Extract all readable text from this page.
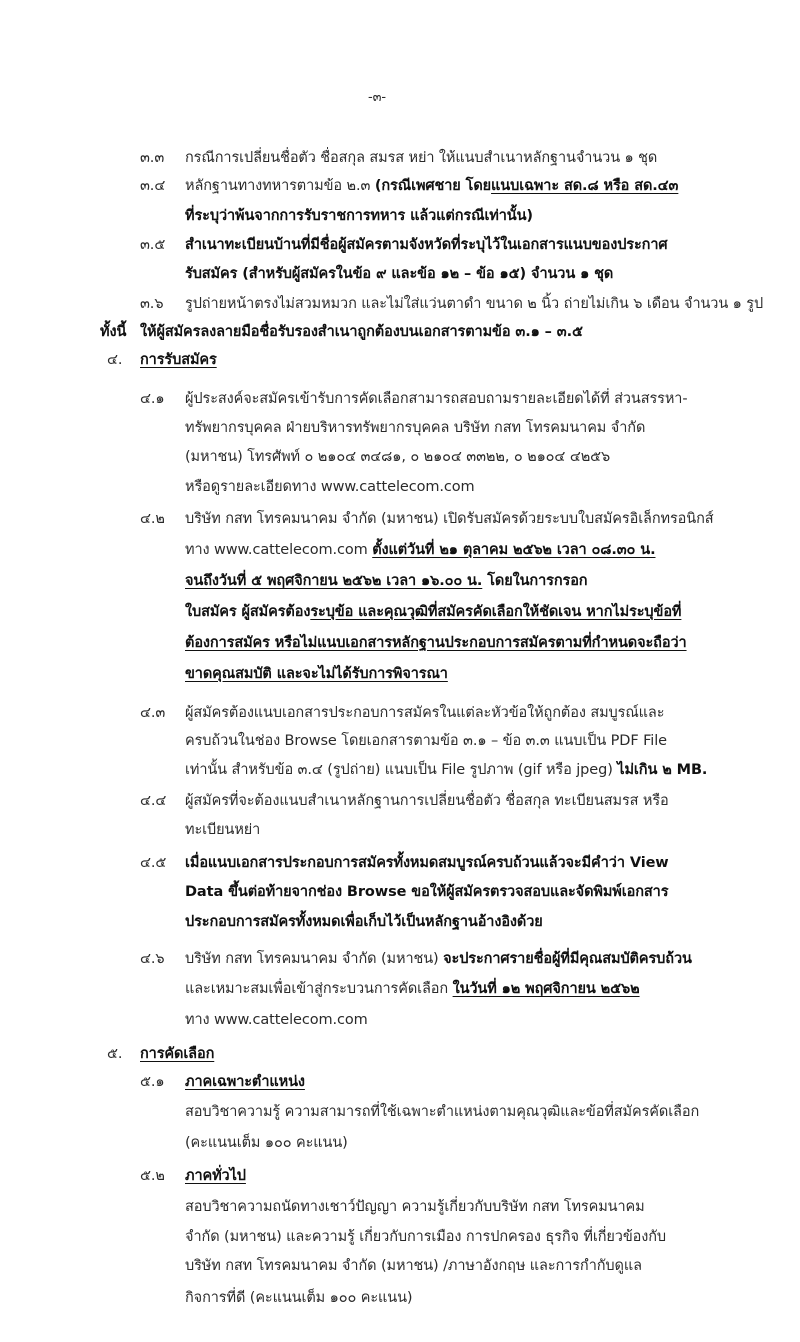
-๓-
๓.๓ กรณีการเปลี่ยนชื่อตัว ชื่อสกุล สมรส หย่า ให้แนบสำเนาหลักฐานจำนวน ๑ ชุด
๓.๔ หลักฐานทางทหารตามข้อ ๒.๓ (กรณีเพศชาย โดยแนบเฉพาะ สด.๘ หรือ สด.๔๓
ที่ระบุว่าพ้นจากการรับราชการทหาร แล้วแต่กรณีเท่านั้น)
๓.๕ สำเนาทะเบียนบ้านที่มีชื่อผู้สมัครตามจังหวัดที่ระบุไว้ในเอกสารแนบของประกาศ
รับสมัคร (สำหรับผู้สมัครในข้อ ๙ และข้อ ๑๒ – ข้อ ๑๕) จำนวน ๑ ชุด
๓.๖ รูปถ่ายหน้าตรงไม่สวมหมวก และไม่ใส่แว่นตาดำ ขนาด ๒ นิ้ว ถ่ายไม่เกิน ๖ เดือน จำนวน ๑ รูป
ทั้งนี้ ให้ผู้สมัครลงลายมือชื่อรับรองสำเนาถูกต้องบนเอกสารตามข้อ ๓.๑ – ๓.๕
๔. การรับสมัคร
๔.๑ ผู้ประสงค์จะสมัครเข้ารับการคัดเลือกสามารถสอบถามรายละเอียดได้ที่ ส่วนสรรหา-
ทรัพยากรบุคคล ฝ่ายบริหารทรัพยากรบุคคล บริษัท กสท โทรคมนาคม จำกัด
(มหาชน) โทรศัพท์ ๐ ๒๑๐๔ ๓๔๘๑, ๐ ๒๑๐๔ ๓๓๒๒, ๐ ๒๑๐๔ ๔๒๕๖
หรือดูรายละเอียดทาง www.cattelecom.com
๔.๒ บริษัท กสท โทรคมนาคม จำกัด (มหาชน) เปิดรับสมัครด้วยระบบใบสมัครอิเล็กทรอนิกส์
ทาง www.cattelecom.com ตั้งแต่วันที่ ๒๑ ตุลาคม ๒๕๖๒ เวลา ๐๘.๓๐ น.
จนถึงวันที่ ๕ พฤศจิกายน ๒๕๖๒ เวลา ๑๖.๐๐ น. โดยในการกรอก
ใบสมัคร ผู้สมัครต้องระบุข้อ และคุณวุฒิที่สมัครคัดเลือกให้ชัดเจน หากไม่ระบุข้อที่
ต้องการสมัคร หรือไม่แนบเอกสารหลักฐานประกอบการสมัครตามที่กำหนดจะถือว่า
ขาดคุณสมบัติ และจะไม่ได้รับการพิจารณา
๔.๓ ผู้สมัครต้องแนบเอกสารประกอบการสมัครในแต่ละหัวข้อให้ถูกต้อง สมบูรณ์และ
ครบถ้วนในช่อง Browse โดยเอกสารตามข้อ ๓.๑ – ข้อ ๓.๓ แนบเป็น PDF File
เท่านั้น สำหรับข้อ ๓.๔ (รูปถ่าย) แนบเป็น File รูปภาพ (gif หรือ jpeg) ไม่เกิน ๒ MB.
๔.๔ ผู้สมัครที่จะต้องแนบสำเนาหลักฐานการเปลี่ยนชื่อตัว ชื่อสกุล ทะเบียนสมรส หรือ
ทะเบียนหย่า
๔.๕ เมื่อแนบเอกสารประกอบการสมัครทั้งหมดสมบูรณ์ครบถ้วนแล้วจะมีคำว่า View
Data ขึ้นต่อท้ายจากช่อง Browse ขอให้ผู้สมัครตรวจสอบและจัดพิมพ์เอกสาร
ประกอบการสมัครทั้งหมดเพื่อเก็บไว้เป็นหลักฐานอ้างอิงด้วย
๔.๖ บริษัท กสท โทรคมนาคม จำกัด (มหาชน) จะประกาศรายชื่อผู้ที่มีคุณสมบัติครบถ้วน
และเหมาะสมเพื่อเข้าสู่กระบวนการคัดเลือก ในวันที่ ๑๒ พฤศจิกายน ๒๕๖๒
ทาง www.cattelecom.com
๕. การคัดเลือก
๕.๑ ภาคเฉพาะตำแหน่ง
สอบวิชาความรู้ ความสามารถที่ใช้เฉพาะตำแหน่งตามคุณวุฒิและข้อที่สมัครคัดเลือก
(คะแนนเต็ม ๑๐๐ คะแนน)
๕.๒ ภาคทั่วไป
สอบวิชาความถนัดทางเชาว์ปัญญา ความรู้เกี่ยวกับบริษัท กสท โทรคมนาคม
จำกัด (มหาชน) และความรู้ เกี่ยวกับการเมือง การปกครอง ธุรกิจ ที่เกี่ยวข้องกับ
บริษัท กสท โทรคมนาคม จำกัด (มหาชน) /ภาษาอังกฤษ และการกำกับดูแล
กิจการที่ดี (คะแนนเต็ม ๑๐๐ คะแนน)
